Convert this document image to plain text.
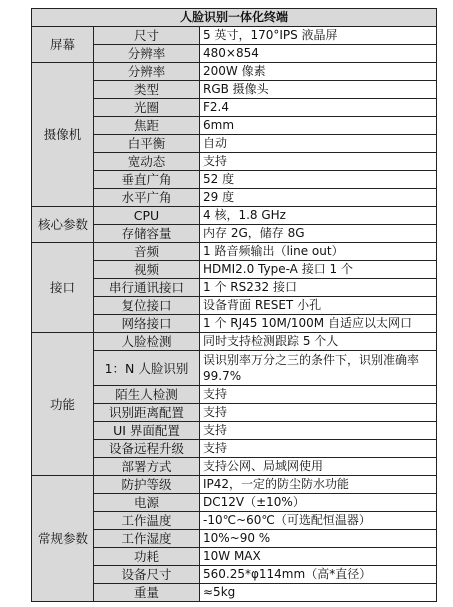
人脸识别一体化终端		
屏幕	尺寸	5 英寸，170°IPS 液晶屏
	分辨率	480×854
摄像机	分辨率	200W 像素
	类型	RGB 摄像头
	光圈	F2.4
	焦距	6mm
	白平衡	自动
	宽动态	支持
	垂直广角	52 度
	水平广角	29 度
核心参数	CPU	4 核，1.8 GHz
	存储容量	内存 2G，储存 8G
接口	音频	1 路音频输出（line out）
	视频	HDMI2.0 Type-A 接口 1 个
	串行通讯接口	1 个 RS232 接口
	复位接口	设备背面 RESET 小孔
	网络接口	1 个 RJ45 10M/100M 自适应以太网口
功能	人脸检测	同时支持检测跟踪 5 个人
	1：N 人脸识别	误识别率万分之三的条件下，识别准确率 99.7%
	陌生人检测	支持
	识别距离配置	支持
	UI 界面配置	支持
	设备远程升级	支持
	部署方式	支持公网、局域网使用
常规参数	防护等级	IP42，一定的防尘防水功能
	电源	DC12V（±10%）
	工作温度	-10℃~60℃（可选配恒温器）
	工作湿度	10%~90 %
	功耗	10W MAX
	设备尺寸	560.25*φ114mm（高*直径）
	重量	≈5kg
